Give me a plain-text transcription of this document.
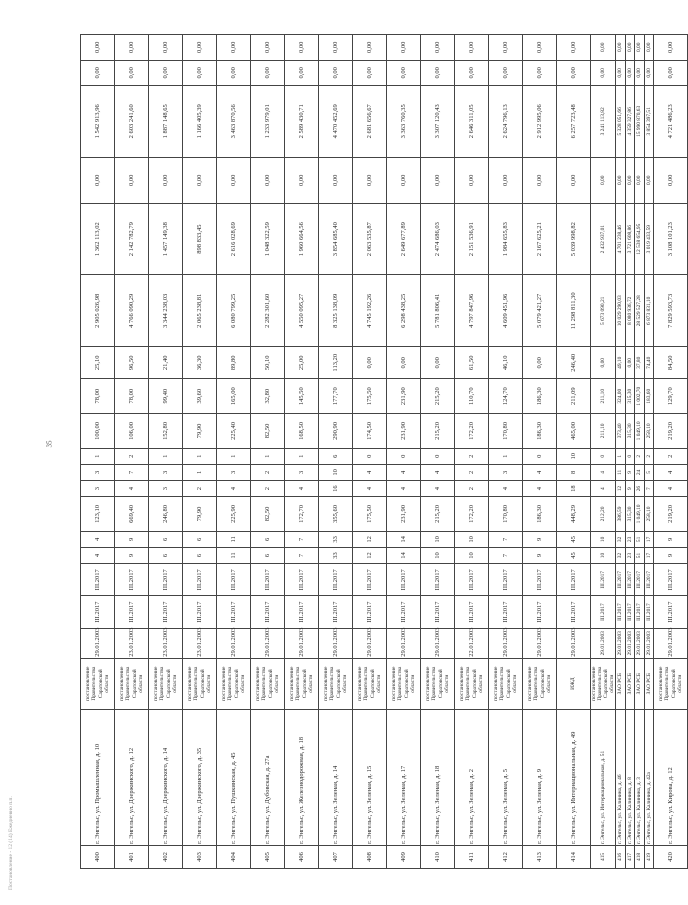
35
400	г. Энгельс, ул. Промышленная, д. 10	постановление Правительства Саратовской области	29.01.2003	III.2017	III.2017	4	4	123,10	3	3	1	100,00	78,00	25,10	2 905 026,98	1 362 113,02	0,00	1 542 913,96	0,00	0,00
401	г. Энгельс, ул. Дзержинского, д. 12	постановление Правительства Саратовской области	23.01.2003	III.2017	III.2017	9	9	669,40	4	7	2	106,00	78,00	96,50	4 766 090,29	2 142 782,79	0,00	2 603 241,60	0,00	0,00
402	г. Энгельс, ул. Дзержинского, д. 14	постановление Правительства Саратовской области	23.01.2003	III.2017	III.2017	6	6	246,80	3	3	1	152,80	99,40	21,40	3 344 238,03	1 457 149,38	0,00	1 887 148,65	0,00	0,00
403	г. Энгельс, ул. Дзержинского, д. 35	постановление Правительства Саратовской области	23.01.2003	III.2017	III.2017	6	6	79,90	2	1	1	79,90	39,60	36,30	2 065 238,81	898 833,45	0,00	1 166 405,39	0,00	0,00
404	г. Энгельс, ул. Пушкинская, д. 45	постановление Правительства Саратовской области	29.01.2003	III.2017	III.2017	11	11	225,90	4	3	1	225,40	165,00	89,80	6 080 799,25	2 616 028,69	0,00	3 463 870,56	0,00	0,00
405	г. Энгельс, ул. Дубовская, д. 27а	постановление Правительства Саратовской области	29.01.2003	III.2017	III.2017	6	6	82,50	2	2	1	82,50	32,80	50,10	2 282 301,60	1 048 322,59	0,00	1 233 979,01	0,00	0,00
406	г. Энгельс, ул. Железнодорожная, д. 18	постановление Правительства Саратовской области	29.01.2003	III.2017	III.2017	7	7	172,70	4	3	1	168,50	145,50	25,00	4 550 095,27	1 960 664,56	0,00	2 589 430,71	0,00	0,00
407	г. Энгельс, ул. Зеленая, д. 14	постановление Правительства Саратовской области	29.01.2003	III.2017	III.2017	33	33	355,60	16	10	6	290,90	177,70	113,20	8 325 138,09	3 854 685,40	0,00	4 470 452,69	0,00	0,00
408	г. Энгельс, ул. Зеленая, д. 15	постановление Правительства Саратовской области	29.01.2003	III.2017	III.2017	12	12	175,50	4	4	0	174,50	175,50	0,00	4 745 192,26	2 063 535,87	0,00	2 681 656,67	0,00	0,00
409	г. Энгельс, ул. Зеленая, д. 17	постановление Правительства Саратовской области	29.01.2003	III.2017	III.2017	14	14	231,90	4	4	0	231,90	231,90	0,00	6 298 438,25	2 649 677,89	0,00	3 363 760,35	0,00	0,00
410	г. Энгельс, ул. Зеленая, д. 18	постановление Правительства Саратовской области	29.01.2003	III.2017	III.2017	10	10	215,20	4	4	0	215,20	215,20	0,00	5 781 806,41	2 474 686,03	0,00	3 307 120,43	0,00	0,00
411	г. Энгельс, ул. Зеленая, д. 2	постановление Правительства Саратовской области	22.01.2003	III.2017	III.2017	10	10	172,20	2	2	2	172,20	110,70	61,50	4 797 847,96	2 151 536,91	0,00	2 646 311,05	0,00	0,00
412	г. Энгельс, ул. Зеленая, д. 5	постановление Правительства Саратовской области	29.01.2003	III.2017	III.2017	7	7	170,80	4	3	1	170,80	124,70	46,10	4 609 451,96	1 984 655,83	0,00	2 624 796,13	0,00	0,00
413	г. Энгельс, ул. Зеленая, д. 9	постановление Правительства Саратовской области	29.01.2003	III.2017	III.2017	9	9	186,30	4	4	0	186,30	186,30	0,00	5 079 421,27	2 167 625,21	0,00	2 912 995,06	0,00	0,00
414	г. Энгельс, ул. Интернациональная, д. 49	ИЖД	29.01.2003	III.2017	III.2017	45	45	448,29	18	8	10	465,00	211,09	246,40	11 298 811,30	5 039 998,82	0,00	6 257 723,48	0,00	0,00
415	г. Энгельс, ул. Интернациональная, д. 51	постановление Правительства Саратовской области	29.01.2003	III.2017	III.2017	10	10	212,20	4	4	0	211,10	211,10	0,00	5 673 090,21	2 432 937,01	0,00	3 241 113,82	0,00	0,00
416	г. Энгельс, ул. Калинина, д. 46	ЗАО РСБ	29.01.2003	III.2017	III.2017	32	32	386,59	12	11	1	373,40	324,00	49,10	10 029 290,03	4 701 238,46	0,00	5 328 051,66	0,00	0,00
417	г. Энгельс, ул. Калинина, д. 8	ЗАО РСБ	29.01.2003	III.2017	III.2017	23	23	315,30	9	9	0	315,30	315,30	0,00	8 080 936,72	3 721 608,86	0,00	4 359 327,86	0,00	0,00
418	г. Энгельс, ул. Калинина, д. 3	ЗАО РСБ	29.01.2003	III.2017	III.2017	51	51	1 049,10	26	24	2	1 049,10	1 002,70	37,80	28 529 527,28	12 538 654,95	0,00	15 990 870,63	0,00	0,00
419	г. Энгельс, ул. Калинина, д. 42а	ЗАО РСБ	29.01.2003	III.2017	III.2017	17	17	258,10	7	5	2	258,10	183,60	74,40	6 873 831,10	3 019 433,59	0,00	3 854 397,51	0,00	0,00
420	г. Энгельс, ул. Кирова, д. 12	постановление Правительства Саратовской области	29.01.2003	III.2017	III.2017	9	9	219,20	4	4	2	219,20	129,70	84,50	7 829 593,73	3 108 101,23	0,00	4 721 486,23	0,00	0,00
Постановление - 12 (14) Ежедневно п.п.
